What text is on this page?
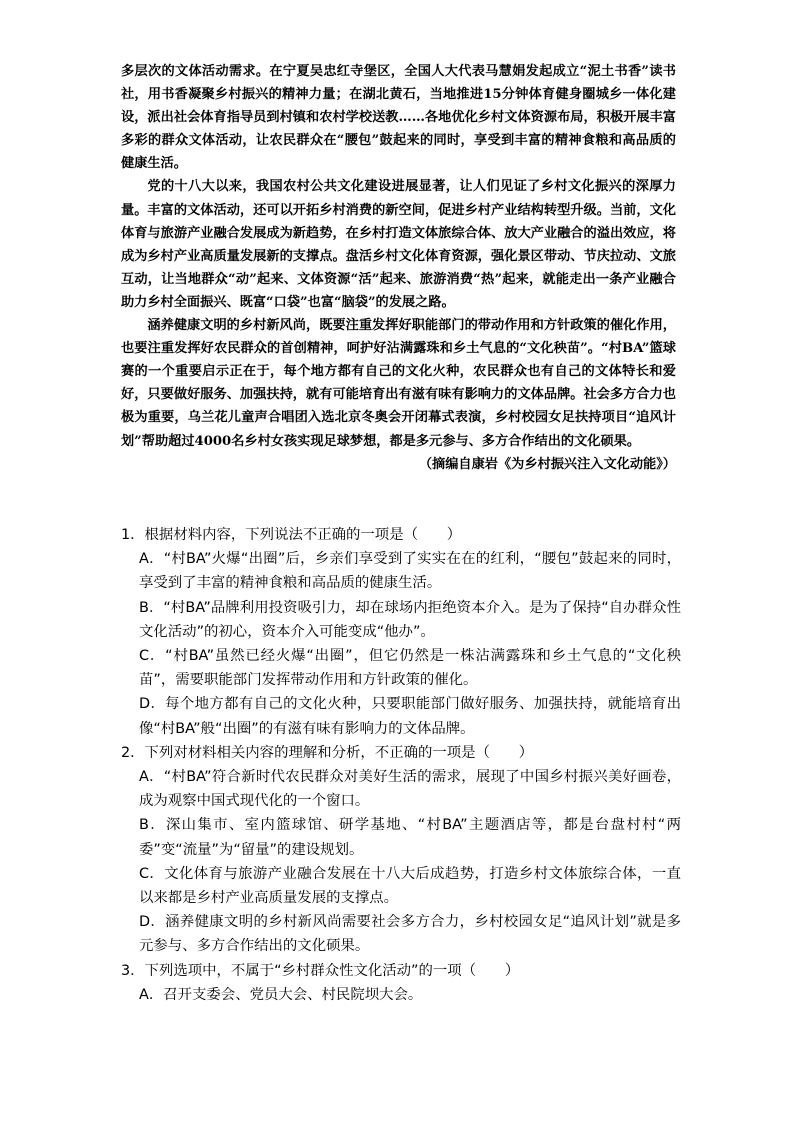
多层次的文体活动需求。在宁夏吴忠红寺堡区，全国人大代表马慧娟发起成立“泥土书香”读书社，用书香凝聚乡村振兴的精神力量；在湖北黄石，当地推进15分钟体育健身圈城乡一体化建设，派出社会体育指导员到村镇和农村学校送教……各地优化乡村文体资源布局，积极开展丰富多彩的群众文体活动，让农民群众在“腰包”鼓起来的同时，享受到丰富的精神食粮和高品质的健康生活。

党的十八大以来，我国农村公共文化建设进展显著，让人们见证了乡村文化振兴的深厚力量。丰富的文体活动，还可以开拓乡村消费的新空间，促进乡村产业结构转型升级。当前，文化体育与旅游产业融合发展成为新趋势，在乡村打造文体旅综合体、放大产业融合的溢出效应，将成为乡村产业高质量发展新的支撑点。盘活乡村文化体育资源，强化景区带动、节庆拉动、文旅互动，让当地群众“动”起来、文体资源“活”起来、旅游消费“热”起来，就能走出一条产业融合助力乡村全面振兴、既富“口袋”也富“脑袋”的发展之路。

涵养健康文明的乡村新风尚，既要注重发挥好职能部门的带动作用和方针政策的催化作用，也要注重发挥好农民群众的首创精神，呵护好沾满露珠和乡土气息的“文化秧苗”。“村BA”篮球赛的一个重要启示正在于，每个地方都有自己的文化火种，农民群众也有自己的文体特长和爱好，只要做好服务、加强扶持，就有可能培育出有滋有味有影响力的文体品牌。社会多方合力也极为重要，乌兰花儿童声合唱团入选北京冬奥会开闭幕式表演，乡村校园女足扶持项目“追风计划”帮助超过4000名乡村女孩实现足球梦想，都是多元参与、多方合作结出的文化硕果。

（摘编自康岩《为乡村振兴注入文化动能》）

1．根据材料内容，下列说法不正确的一项是（　　）

A．“村BA”火爆“出圈”后，乡亲们享受到了实实在在的红利，“腰包”鼓起来的同时，享受到了丰富的精神食粮和高品质的健康生活。

B．“村BA”品牌利用投资吸引力，却在球场内拒绝资本介入。是为了保持“自办群众性文化活动”的初心，资本介入可能变成“他办”。

C．“村BA”虽然已经火爆“出圈”，但它仍然是一株沾满露珠和乡土气息的“文化秧苗”，需要职能部门发挥带动作用和方针政策的催化。

D．每个地方都有自己的文化火种，只要职能部门做好服务、加强扶持，就能培育出像“村BA”般“出圈”的有滋有味有影响力的文体品牌。

2．下列对材料相关内容的理解和分析，不正确的一项是（　　）

A．“村BA”符合新时代农民群众对美好生活的需求，展现了中国乡村振兴美好画卷，成为观察中国式现代化的一个窗口。

B．深山集市、室内篮球馆、研学基地、“村BA”主题酒店等，都是台盘村村“两委”变“流量”为“留量”的建设规划。

C．文化体育与旅游产业融合发展在十八大后成趋势，打造乡村文体旅综合体，一直以来都是乡村产业高质量发展的支撑点。

D．涵养健康文明的乡村新风尚需要社会多方合力，乡村校园女足“追风计划”就是多元参与、多方合作结出的文化硕果。

3．下列选项中，不属于“乡村群众性文化活动”的一项（　　）

A．召开支委会、党员大会、村民院坝大会。
